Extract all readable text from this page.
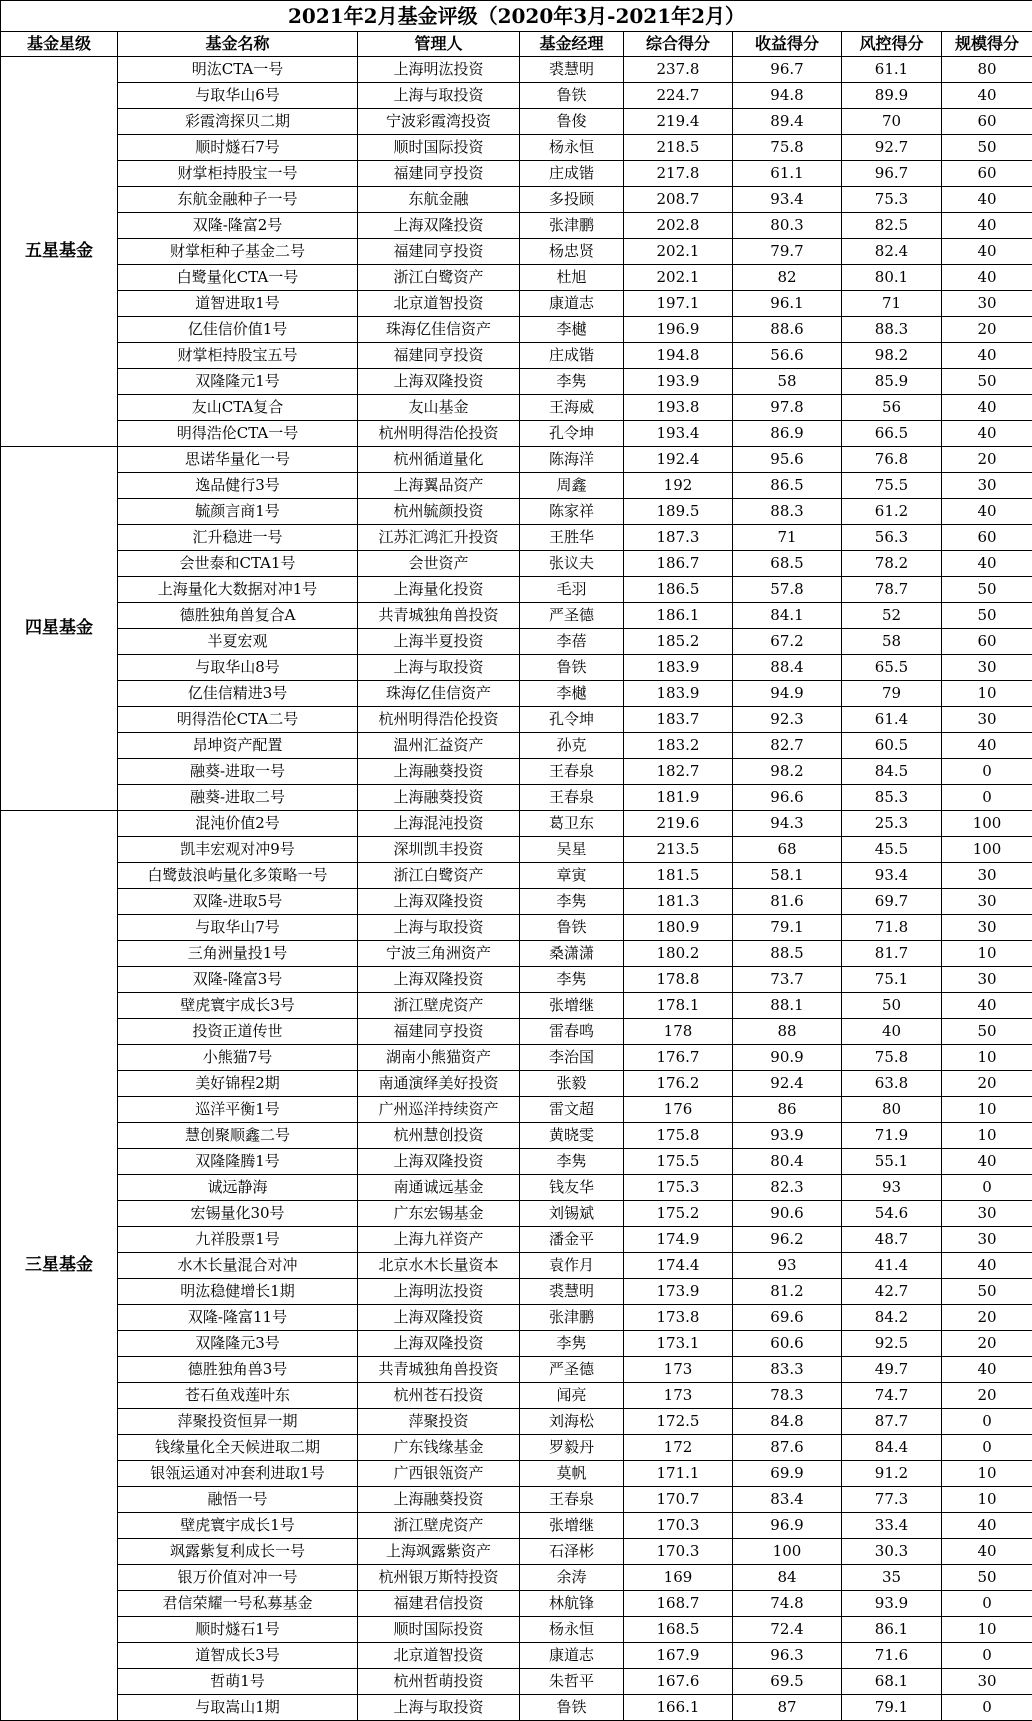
2021年2月基金评级（2020年3月-2021年2月）							
基金星级	基金名称	管理人	基金经理	综合得分	收益得分	风控得分	规模得分
五星基金	明汯CTA一号	上海明汯投资	裘慧明	237.8	96.7	61.1	80
	与取华山6号	上海与取投资	鲁铁	224.7	94.8	89.9	40
	彩霞湾探贝二期	宁波彩霞湾投资	鲁俊	219.4	89.4	70	60
	顺时燧石7号	顺时国际投资	杨永恒	218.5	75.8	92.7	50
	财掌柜持股宝一号	福建同亨投资	庄成锴	217.8	61.1	96.7	60
	东航金融种子一号	东航金融	多投顾	208.7	93.4	75.3	40
	双隆-隆富2号	上海双隆投资	张津鹏	202.8	80.3	82.5	40
	财掌柜种子基金二号	福建同亨投资	杨忠贤	202.1	79.7	82.4	40
	白鹭量化CTA一号	浙江白鹭资产	杜旭	202.1	82	80.1	40
	道智进取1号	北京道智投资	康道志	197.1	96.1	71	30
	亿佳信价值1号	珠海亿佳信资产	李樾	196.9	88.6	88.3	20
	财掌柜持股宝五号	福建同亨投资	庄成锴	194.8	56.6	98.2	40
	双隆隆元1号	上海双隆投资	李隽	193.9	58	85.9	50
	友山CTA复合	友山基金	王海威	193.8	97.8	56	40
	明得浩伦CTA一号	杭州明得浩伦投资	孔令坤	193.4	86.9	66.5	40
四星基金	思诺华量化一号	杭州循道量化	陈海洋	192.4	95.6	76.8	20
	逸品健行3号	上海翼品资产	周鑫	192	86.5	75.5	30
	毓颜言商1号	杭州毓颜投资	陈家祥	189.5	88.3	61.2	40
	汇升稳进一号	江苏汇鸿汇升投资	王胜华	187.3	71	56.3	60
	会世泰和CTA1号	会世资产	张议夫	186.7	68.5	78.2	40
	上海量化大数据对冲1号	上海量化投资	毛羽	186.5	57.8	78.7	50
	德胜独角兽复合A	共青城独角兽投资	严圣德	186.1	84.1	52	50
	半夏宏观	上海半夏投资	李蓓	185.2	67.2	58	60
	与取华山8号	上海与取投资	鲁铁	183.9	88.4	65.5	30
	亿佳信精进3号	珠海亿佳信资产	李樾	183.9	94.9	79	10
	明得浩伦CTA二号	杭州明得浩伦投资	孔令坤	183.7	92.3	61.4	30
	昂坤资产配置	温州汇益资产	孙克	183.2	82.7	60.5	40
	融葵-进取一号	上海融葵投资	王春泉	182.7	98.2	84.5	0
	融葵-进取二号	上海融葵投资	王春泉	181.9	96.6	85.3	0
三星基金	混沌价值2号	上海混沌投资	葛卫东	219.6	94.3	25.3	100
	凯丰宏观对冲9号	深圳凯丰投资	吴星	213.5	68	45.5	100
	白鹭鼓浪屿量化多策略一号	浙江白鹭资产	章寅	181.5	58.1	93.4	30
	双隆-进取5号	上海双隆投资	李隽	181.3	81.6	69.7	30
	与取华山7号	上海与取投资	鲁铁	180.9	79.1	71.8	30
	三角洲量投1号	宁波三角洲资产	桑潇潇	180.2	88.5	81.7	10
	双隆-隆富3号	上海双隆投资	李隽	178.8	73.7	75.1	30
	壁虎寰宇成长3号	浙江壁虎资产	张增继	178.1	88.1	50	40
	投资正道传世	福建同亨投资	雷春鸣	178	88	40	50
	小熊猫7号	湖南小熊猫资产	李治国	176.7	90.9	75.8	10
	美好锦程2期	南通演绎美好投资	张毅	176.2	92.4	63.8	20
	巡洋平衡1号	广州巡洋持续资产	雷文超	176	86	80	10
	慧创聚顺鑫二号	杭州慧创投资	黄晓雯	175.8	93.9	71.9	10
	双隆隆腾1号	上海双隆投资	李隽	175.5	80.4	55.1	40
	诚远静海	南通诚远基金	钱友华	175.3	82.3	93	0
	宏锡量化30号	广东宏锡基金	刘锡斌	175.2	90.6	54.6	30
	九祥股票1号	上海九祥资产	潘金平	174.9	96.2	48.7	30
	水木长量混合对冲	北京水木长量资本	袁作月	174.4	93	41.4	40
	明汯稳健增长1期	上海明汯投资	裘慧明	173.9	81.2	42.7	50
	双隆-隆富11号	上海双隆投资	张津鹏	173.8	69.6	84.2	20
	双隆隆元3号	上海双隆投资	李隽	173.1	60.6	92.5	20
	德胜独角兽3号	共青城独角兽投资	严圣德	173	83.3	49.7	40
	苍石鱼戏莲叶东	杭州苍石投资	闻亮	173	78.3	74.7	20
	萍聚投资恒昇一期	萍聚投资	刘海松	172.5	84.8	87.7	0
	钱缘量化全天候进取二期	广东钱缘基金	罗毅丹	172	87.6	84.4	0
	银瓴运通对冲套利进取1号	广西银瓴资产	莫帆	171.1	69.9	91.2	10
	融悟一号	上海融葵投资	王春泉	170.7	83.4	77.3	10
	壁虎寰宇成长1号	浙江壁虎资产	张增继	170.3	96.9	33.4	40
	飒露紫复利成长一号	上海飒露紫资产	石泽彬	170.3	100	30.3	40
	银万价值对冲一号	杭州银万斯特投资	余涛	169	84	35	50
	君信荣耀一号私募基金	福建君信投资	林航锋	168.7	74.8	93.9	0
	顺时燧石1号	顺时国际投资	杨永恒	168.5	72.4	86.1	10
	道智成长3号	北京道智投资	康道志	167.9	96.3	71.6	0
	哲萌1号	杭州哲萌投资	朱哲平	167.6	69.5	68.1	30
	与取嵩山1期	上海与取投资	鲁铁	166.1	87	79.1	0
